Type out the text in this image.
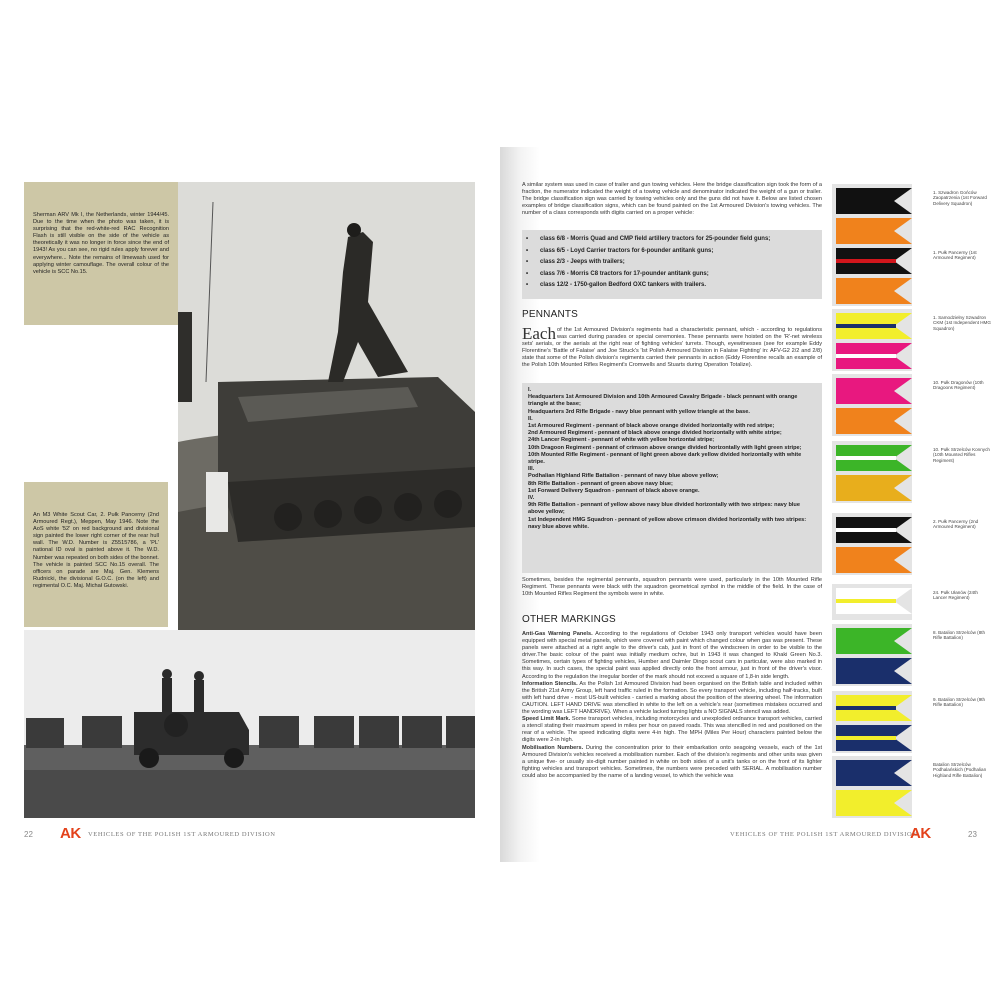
Sherman ARV Mk I, the Netherlands, winter 1944/45. Due to the time when the photo was taken, it is surprising that the red-white-red RAC Recognition Flash is still visible on the side of the vehicle as theoretically it was no longer in force since the end of 1943! As you can see, no rigid rules apply forever and everywhere... Note the remains of limewash used for applying winter camouflage. The overall colour of the vehicle is SCC No.15.
An M3 White Scout Car, 2. Pułk Pancerny (2nd Armoured Regt.), Meppen, May 1946. Note the AoS white '52' on red background and divisional sign painted the lower right corner of the rear hull wall. The W.D. Number is Z5515786, a 'PL' national ID oval is painted above it. The W.D. Number was repeated on both sides of the bonnet. The vehicle is painted SCC No.15 overall. The officers on parade are Maj. Gen. Klemens Rudnicki, the divisional G.O.C. (on the left) and regimental O.C. Maj. Michał Gutowski.
22 AK VEHICLES OF THE POLISH 1ST ARMOURED DIVISION
A similar system was used in case of trailer and gun towing vehicles. Here the bridge classification sign took the form of a fraction, the numerator indicated the weight of a towing vehicle and denominator indicated the weight of a gun or trailer. The bridge classification sign was carried by towing vehicles only and the guns did not have it. Below are listed chosen examples of bridge classification signs, which can be found painted on the 1st Armoured Division's towing vehicles. The number of a class corresponds with digits carried on a proper vehicle:
• class 6/8 - Morris Quad and CMP field artillery tractors for 25-pounder field guns;
• class 6/5 - Loyd Carrier tractors for 6-pounder antitank guns;
• class 2/3 - Jeeps with trailers;
• class 7/6 - Morris C8 tractors for 17-pounder antitank guns;
• class 12/2 - 1750-gallon Bedford OXC tankers with trailers.
PENNANTS
Each of the 1st Armoured Division's regiments had a characteristic pennant, which - according to regulations was carried during parades or special ceremonies. These pennants were hoisted on the 'R'-net wireless sets' aerials, or the aerials at the right rear of fighting vehicles' turrets. Though, eyewitnesses (see for example Eddy Florentine's 'Battle of Falaise' and Joe Struck's 'Ist Polish Armoured Division in Falaise Fighting' in: AFV-G2 2/2 and 2/8) state that some of the Polish division's regiments carried their pennants in action (Eddy Florentine recalls an example of the Polish 10th Mounted Rifles Regiment's Cromwells and Stuarts during Operation Totalize).
I.
Headquarters 1st Armoured Division and 10th Armoured Cavalry Brigade - black pennant with orange triangle at the base;
Headquarters 3rd Rifle Brigade - navy blue pennant with yellow triangle at the base.
II.
1st Armoured Regiment - pennant of black above orange divided horizontally with red stripe;
2nd Armoured Regiment - pennant of black above orange divided horizontally with white stripe;
24th Lancer Regiment - pennant of white with yellow horizontal stripe;
10th Dragoon Regiment - pennant of crimson above orange divided horizontally with light green stripe;
10th Mounted Rifle Regiment - pennant of light green above dark yellow divided horizontally with white stripe.
III.
Podhalian Highland Rifle Battalion - pennant of navy blue above yellow;
8th Rifle Battalion - pennant of green above navy blue;
1st Forward Delivery Squadron - pennant of black above orange.
IV.
9th Rifle Battalion - pennant of yellow above navy blue divided horizontally with two stripes: navy blue above yellow;
1st Independent HMG Squadron - pennant of yellow above crimson divided horizontally with two stripes: navy blue above white.
Sometimes, besides the regimental pennants, squadron pennants were used, particularly in the 10th Mounted Rifle Regiment. These pennants were black with the squadron geometrical symbol in the middle of the field. In the case of 10th Mounted Rifles Regiment the symbols were in white.
OTHER MARKINGS
Anti-Gas Warning Panels. According to the regulations of October 1943 only transport vehicles would have been equipped with special metal panels, which were covered with paint which changed colour when gas was present. These panels were attached at a right angle to the driver's cab, just in front of the windscreen in order to be visible to the driver.The basic colour of the paint was initially medium ochre, but in 1943 it was changed to Khaki Green No.3. Sometimes, certain types of fighting vehicles, Humber and Daimler Dingo scout cars in particular, were also marked in this way. In such cases, the special paint was applied directly onto the front armour, just in front of the driver's visor. According to the regulation the irregular border of the mark should not exceed a square of 1,8-in side length.
Information Stencils. As the Polish 1st Armoured Division had been organised on the British table and included within the British 21st Army Group, left hand traffic ruled in the formation. So every transport vehicle, including half-tracks, built with left hand drive - most US-built vehicles - carried a marking about the position of the steering wheel. The information CAUTION. LEFT HAND DRIVE was stencilled in white to the left on a vehicle's rear (sometimes mistakes occurred and the wording was LEFT HANDRIVE). When a vehicle lacked turning lights a NO SIGNALS stencil was added.
Speed Limit Mark. Some transport vehicles, including motorcycles and unexploded ordnance transport vehicles, carried a stencil stating their maximum speed in miles per hour on paved roads. This was stencilled in red and positioned on the rear of a vehicle. The speed indicating digits were 4-in high. The MPH (Miles Per Hour) characters painted below the digits were 2-in high.
Mobilisation Numbers. During the concentration prior to their embarkation onto seagoing vessels, each of the 1st Armoured Division's vehicles received a mobilisation number. Each of the division's regiments and other units was given a unique five- or usually six-digit number painted in white on both sides of a unit's tanks or on the front of its lighter fighting vehicles and transport vehicles. Sometimes, the numbers were preceded with SERIAL. A mobilisation number could also be accompanied by the name of a landing vessel, to which the vehicle was
VEHICLES OF THE POLISH 1ST ARMOURED DIVISION
AK	23
1. Szwadron Gońców Zaopatrzenia (1st Forward Delivery Squadron)
1. Pułk Pancerny (1st Armoured Regiment)
1. Samodzielny Szwadron CKM (1st Independent HMG Squadron)
10. Pułk Dragonów (10th Dragoons Regiment)
10. Pułk Strzelców Konnych (10th Mounted Rifles Regiment)
2. Pułk Pancerny (2nd Armoured Regiment)
24. Pułk Ułanów (24th Lancer Regiment)
8. Batalion Strzelców (8th Rifle Battalion)
9. Batalion Strzelców (9th Rifle Battalion)
Batalion Strzelców Podhalańskich (Podhalian Highland Rifle Battalion)
